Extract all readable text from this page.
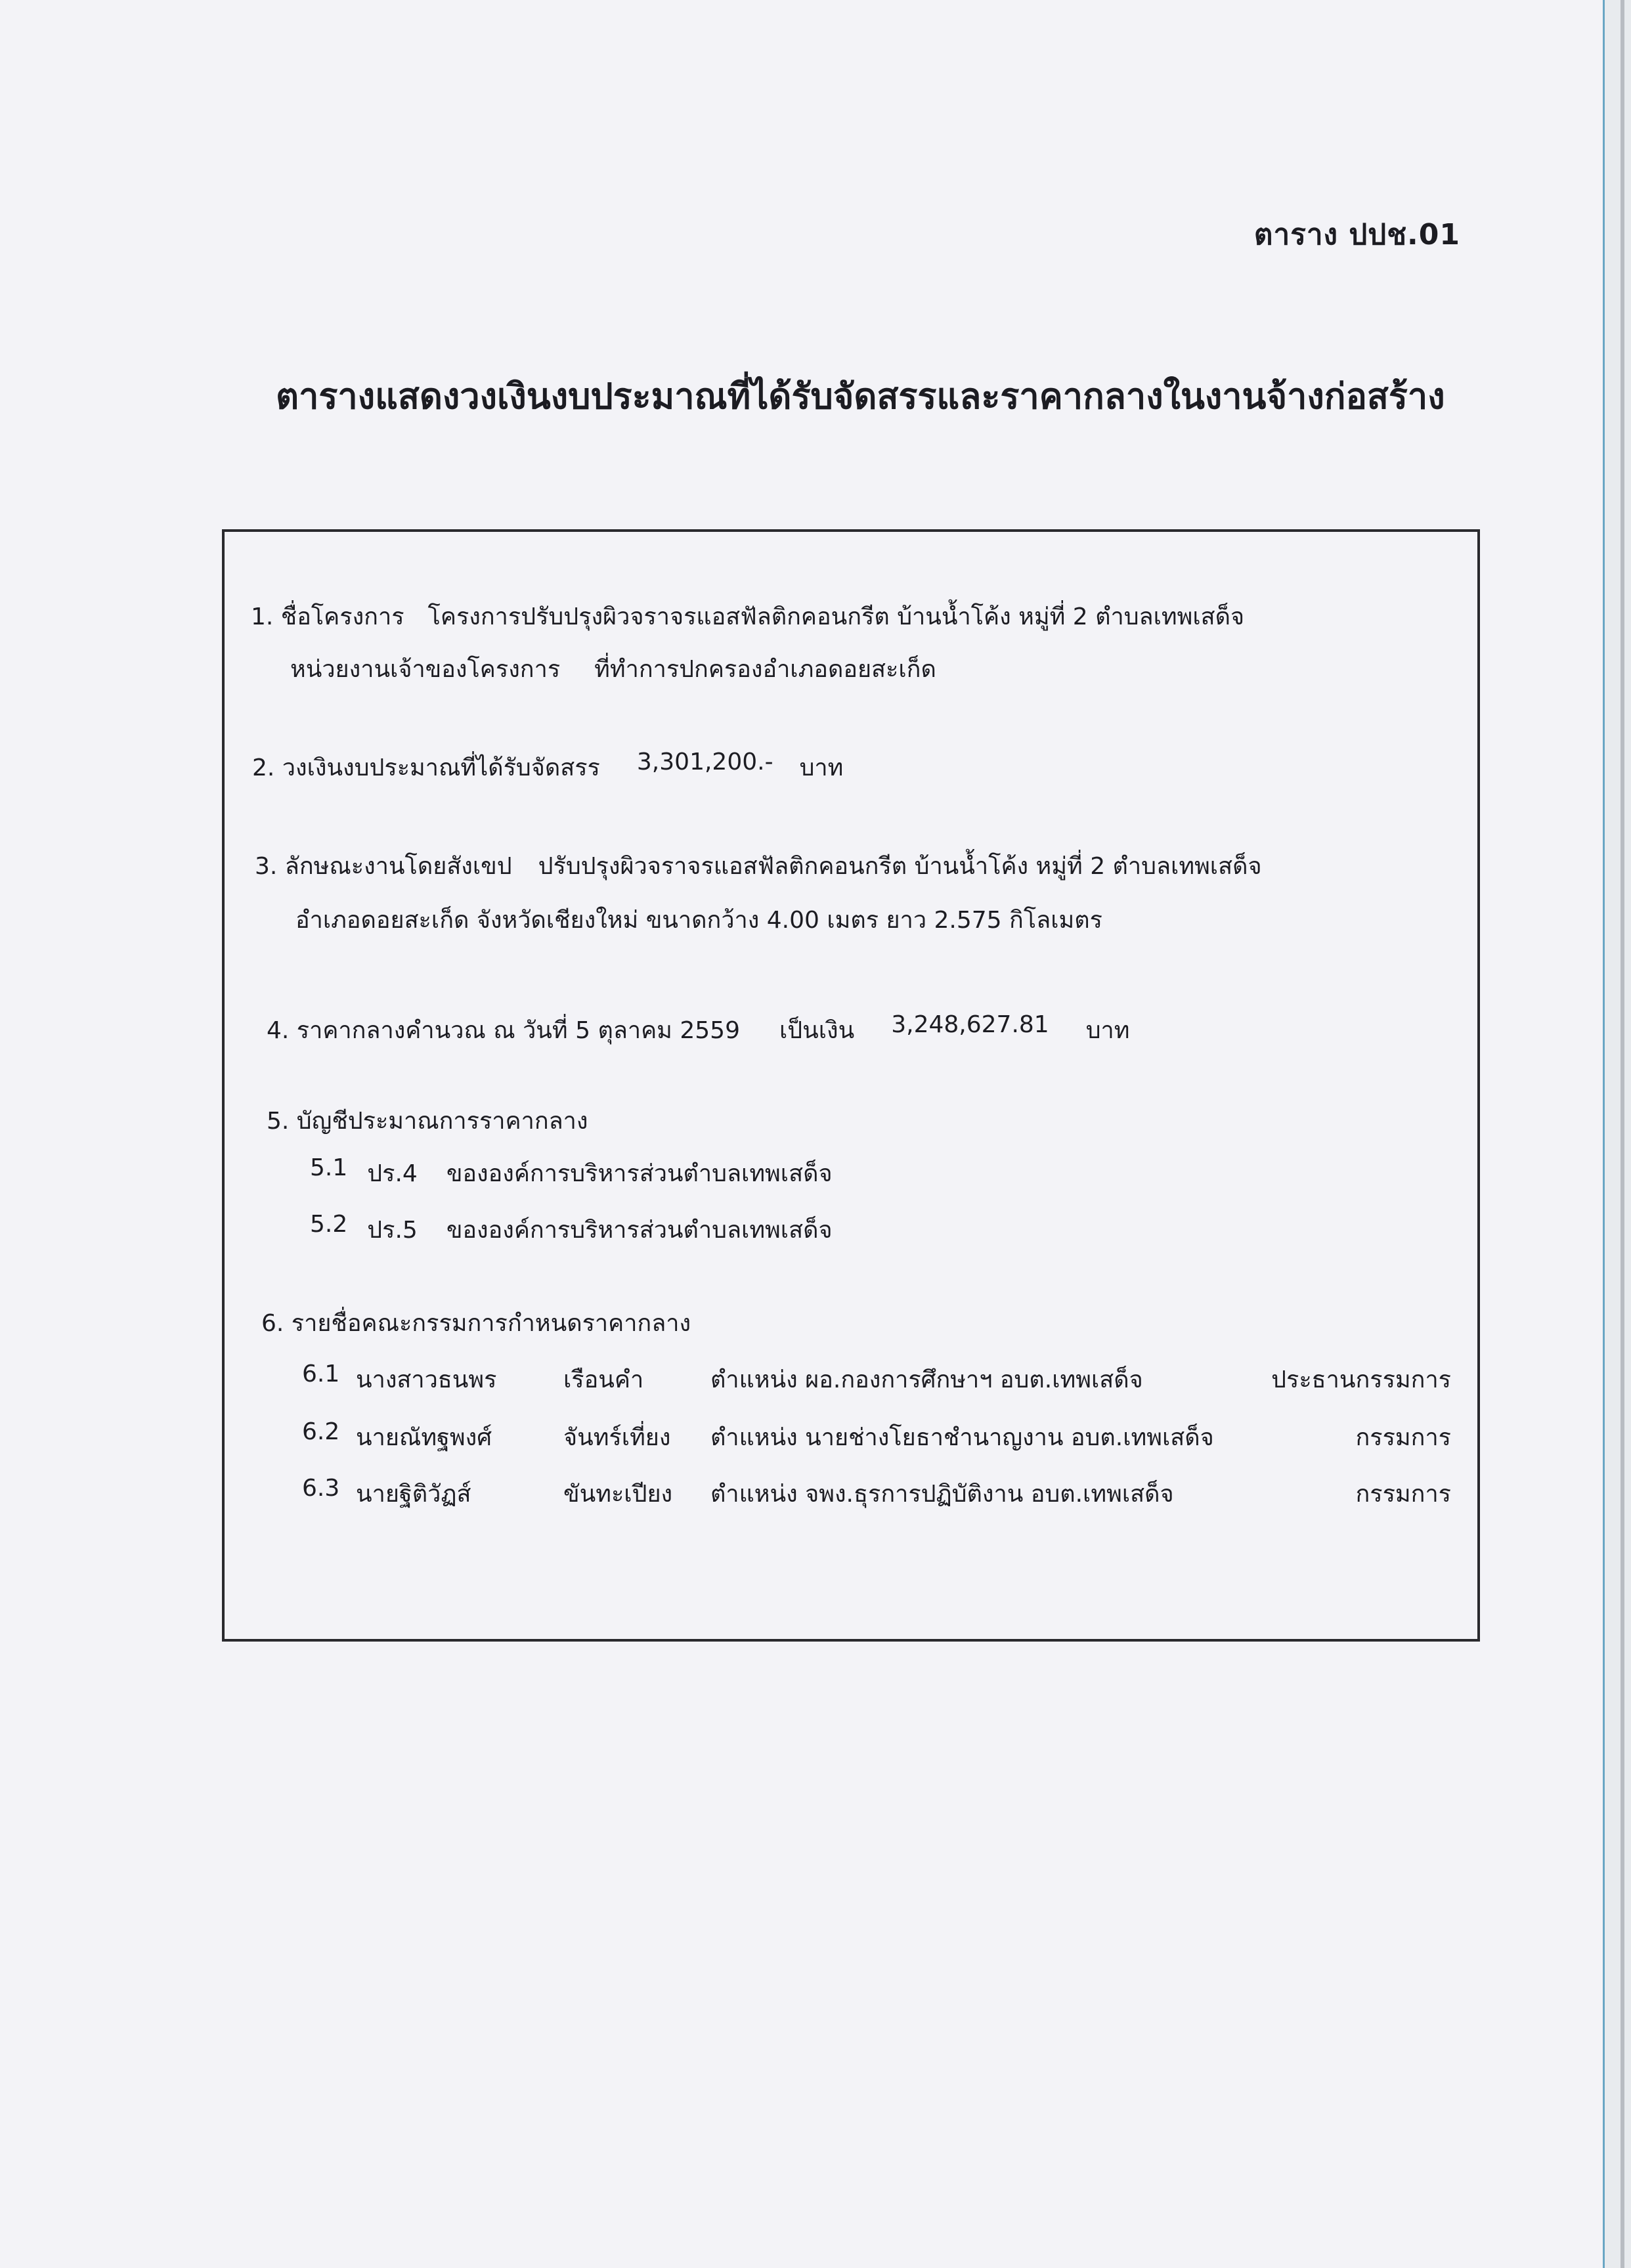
ตาราง ปปช.01
ตารางแสดงวงเงินงบประมาณที่ได้รับจัดสรรและราคากลางในงานจ้างก่อสร้าง
1. ชื่อโครงการ โครงการปรับปรุงผิวจราจรแอสฟัลติกคอนกรีต บ้านน้ำโค้ง หมู่ที่ 2 ตำบลเทพเสด็จ
หน่วยงานเจ้าของโครงการ ที่ทำการปกครองอำเภอดอยสะเก็ด
2. วงเงินงบประมาณที่ได้รับจัดสรร 3,301,200.- บาท
3. ลักษณะงานโดยสังเขป ปรับปรุงผิวจราจรแอสฟัลติกคอนกรีต บ้านน้ำโค้ง หมู่ที่ 2 ตำบลเทพเสด็จ
อำเภอดอยสะเก็ด จังหวัดเชียงใหม่ ขนาดกว้าง 4.00 เมตร ยาว 2.575 กิโลเมตร
4. ราคากลางคำนวณ ณ วันที่ 5 ตุลาคม 2559 เป็นเงิน 3,248,627.81 บาท
5. บัญชีประมาณการราคากลาง
5.1 ปร.4 ขององค์การบริหารส่วนตำบลเทพเสด็จ
5.2 ปร.5 ขององค์การบริหารส่วนตำบลเทพเสด็จ
6. รายชื่อคณะกรรมการกำหนดราคากลาง
6.1 นางสาวธนพร	เรือนคำ	ตำแหน่ง ผอ.กองการศึกษาฯ อบต.เทพเสด็จ	ประธานกรรมการ
6.2 นายณัทฐพงศ์	จันทร์เที่ยง ตำแหน่ง นายช่างโยธาชำนาญงาน อบต.เทพเสด็จ	กรรมการ
6.3 นายฐิติวัฏส์	ขันทะเปียง ตำแหน่ง จพง.ธุรการปฏิบัติงาน อบต.เทพเสด็จ	กรรมการ
